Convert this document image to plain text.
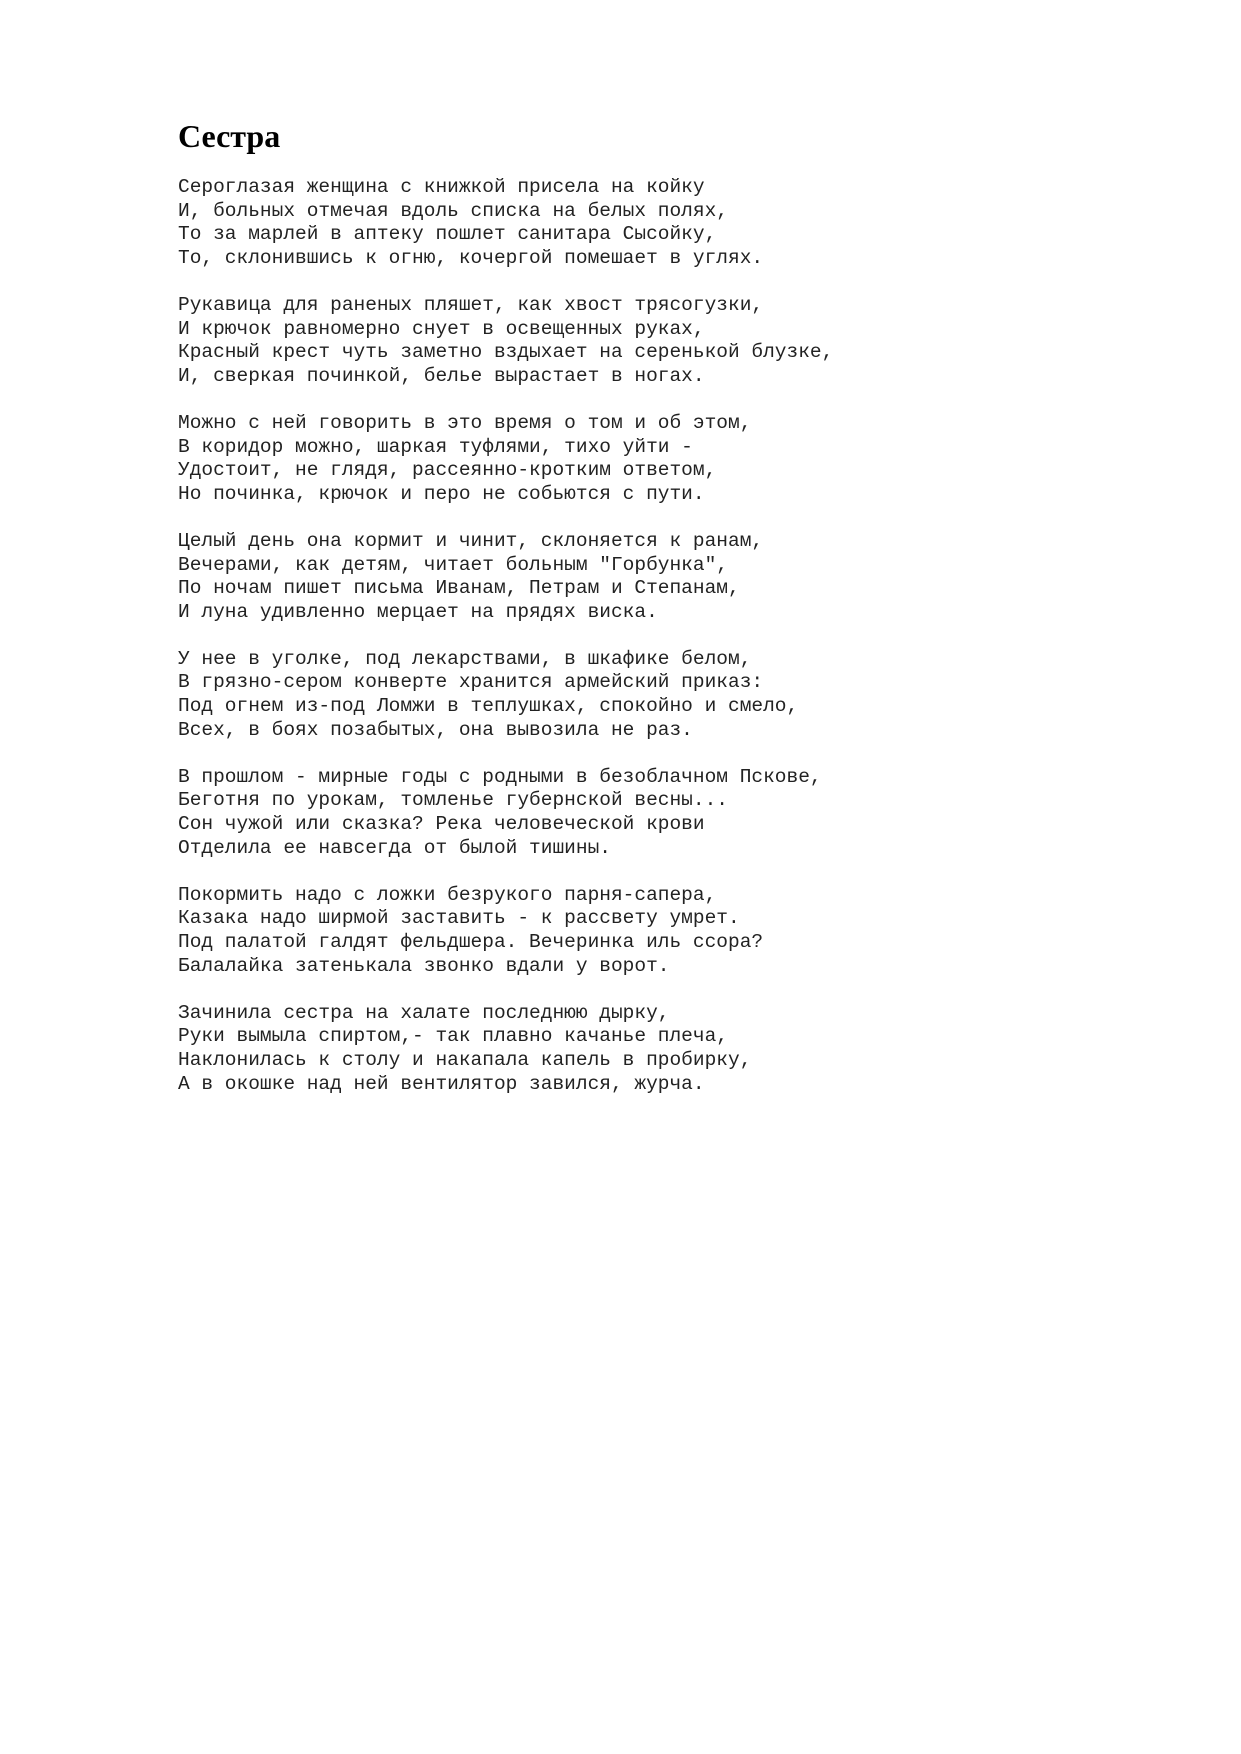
Сестра
Сероглазая женщина с книжкой присела на койку
И, больных отмечая вдоль списка на белых полях,
То за марлей в аптеку пошлет санитара Сысойку,
То, склонившись к огню, кочергой помешает в углях.
Рукавица для раненых пляшет, как хвост трясогузки,
И крючок равномерно снует в освещенных руках,
Красный крест чуть заметно вздыхает на серенькой блузке,
И, сверкая починкой, белье вырастает в ногах.
Можно с ней говорить в это время о том и об этом,
В коридор можно, шаркая туфлями, тихо уйти -
Удостоит, не глядя, рассеянно-кротким ответом,
Но починка, крючок и перо не собьются с пути.
Целый день она кормит и чинит, склоняется к ранам,
Вечерами, как детям, читает больным "Горбунка",
По ночам пишет письма Иванам, Петрам и Степанам,
И луна удивленно мерцает на прядях виска.
У нее в уголке, под лекарствами, в шкафике белом,
В грязно-сером конверте хранится армейский приказ:
Под огнем из-под Ломжи в теплушках, спокойно и смело,
Всех, в боях позабытых, она вывозила не раз.
В прошлом - мирные годы с родными в безоблачном Пскове,
Беготня по урокам, томленье губернской весны...
Сон чужой или сказка? Река человеческой крови
Отделила ее навсегда от былой тишины.
Покормить надо с ложки безрукого парня-сапера,
Казака надо ширмой заставить - к рассвету умрет.
Под палатой галдят фельдшера. Вечеринка иль ссора?
Балалайка затенькала звонко вдали у ворот.
Зачинила сестра на халате последнюю дырку,
Руки вымыла спиртом,- так плавно качанье плеча,
Наклонилась к столу и накапала капель в пробирку,
А в окошке над ней вентилятор завился, журча.
